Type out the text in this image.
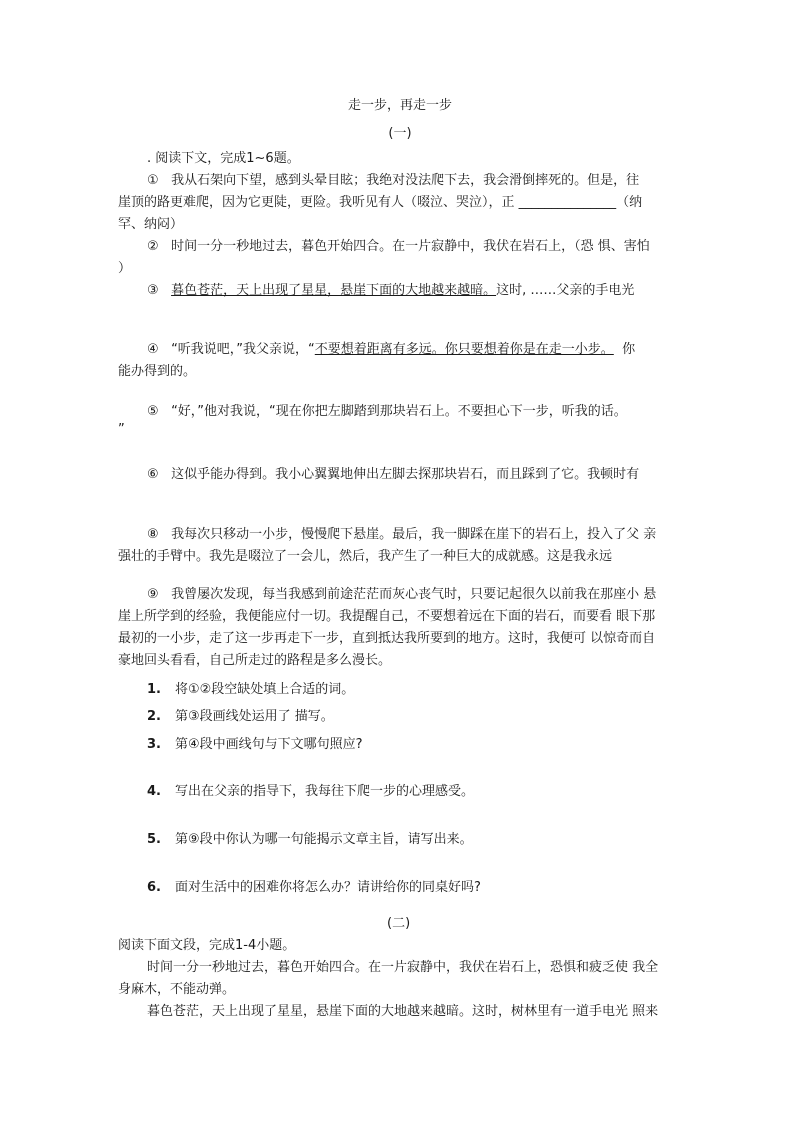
走一步，再走一步
(一)
. 阅读下文，完成1~6题。
① 我从石架向下望，感到头晕目眩；我绝对没法爬下去，我会滑倒摔死的。但是，往
崖顶的路更难爬，因为它更陡，更险。我听见有人（啜泣、哭泣），正 _______________（纳
罕、纳闷）
② 时间一分一秒地过去，暮色开始四合。在一片寂静中，我伏在岩石上，（恐 惧、害怕
）
③ 暮色苍茫，天上出现了星星，悬崖下面的大地越来越暗。这时, ……父亲的手电光
④ “听我说吧，”我父亲说，“不要想着距离有多远。你只要想着你是在走一小步。 你
能办得到的。
⑤ “好，”他对我说，“现在你把左脚踏到那块岩石上。不要担心下一步，听我的话。
”
⑥ 这似乎能办得到。我小心翼翼地伸出左脚去探那块岩石，而且踩到了它。我顿时有
⑧ 我每次只移动一小步，慢慢爬下悬崖。最后，我一脚踩在崖下的岩石上，投入了父 亲
强壮的手臂中。我先是啜泣了一会儿，然后，我产生了一种巨大的成就感。这是我永远
⑨ 我曾屡次发现，每当我感到前途茫茫而灰心丧气时，只要记起很久以前我在那座小 悬
崖上所学到的经验，我便能应付一切。我提醒自己，不要想着远在下面的岩石，而要看 眼下那
最初的一小步，走了这一步再走下一步，直到抵达我所要到的地方。这时，我便可 以惊奇而自
豪地回头看看，自己所走过的路程是多么漫长。
1. 将①②段空缺处填上合适的词。
2. 第③段画线处运用了 描写。
3. 第④段中画线句与下文哪句照应?
4. 写出在父亲的指导下，我每往下爬一步的心理感受。
5. 第⑨段中你认为哪一句能揭示文章主旨，请写出来。
6. 面对生活中的困难你将怎么办？请讲给你的同桌好吗?
(二)
阅读下面文段，完成1-4小题。
时间一分一秒地过去，暮色开始四合。在一片寂静中，我伏在岩石上，恐惧和疲乏使 我全
身麻木，不能动弹。
暮色苍茫，天上出现了星星，悬崖下面的大地越来越暗。这时，树林里有一道手电光 照来
